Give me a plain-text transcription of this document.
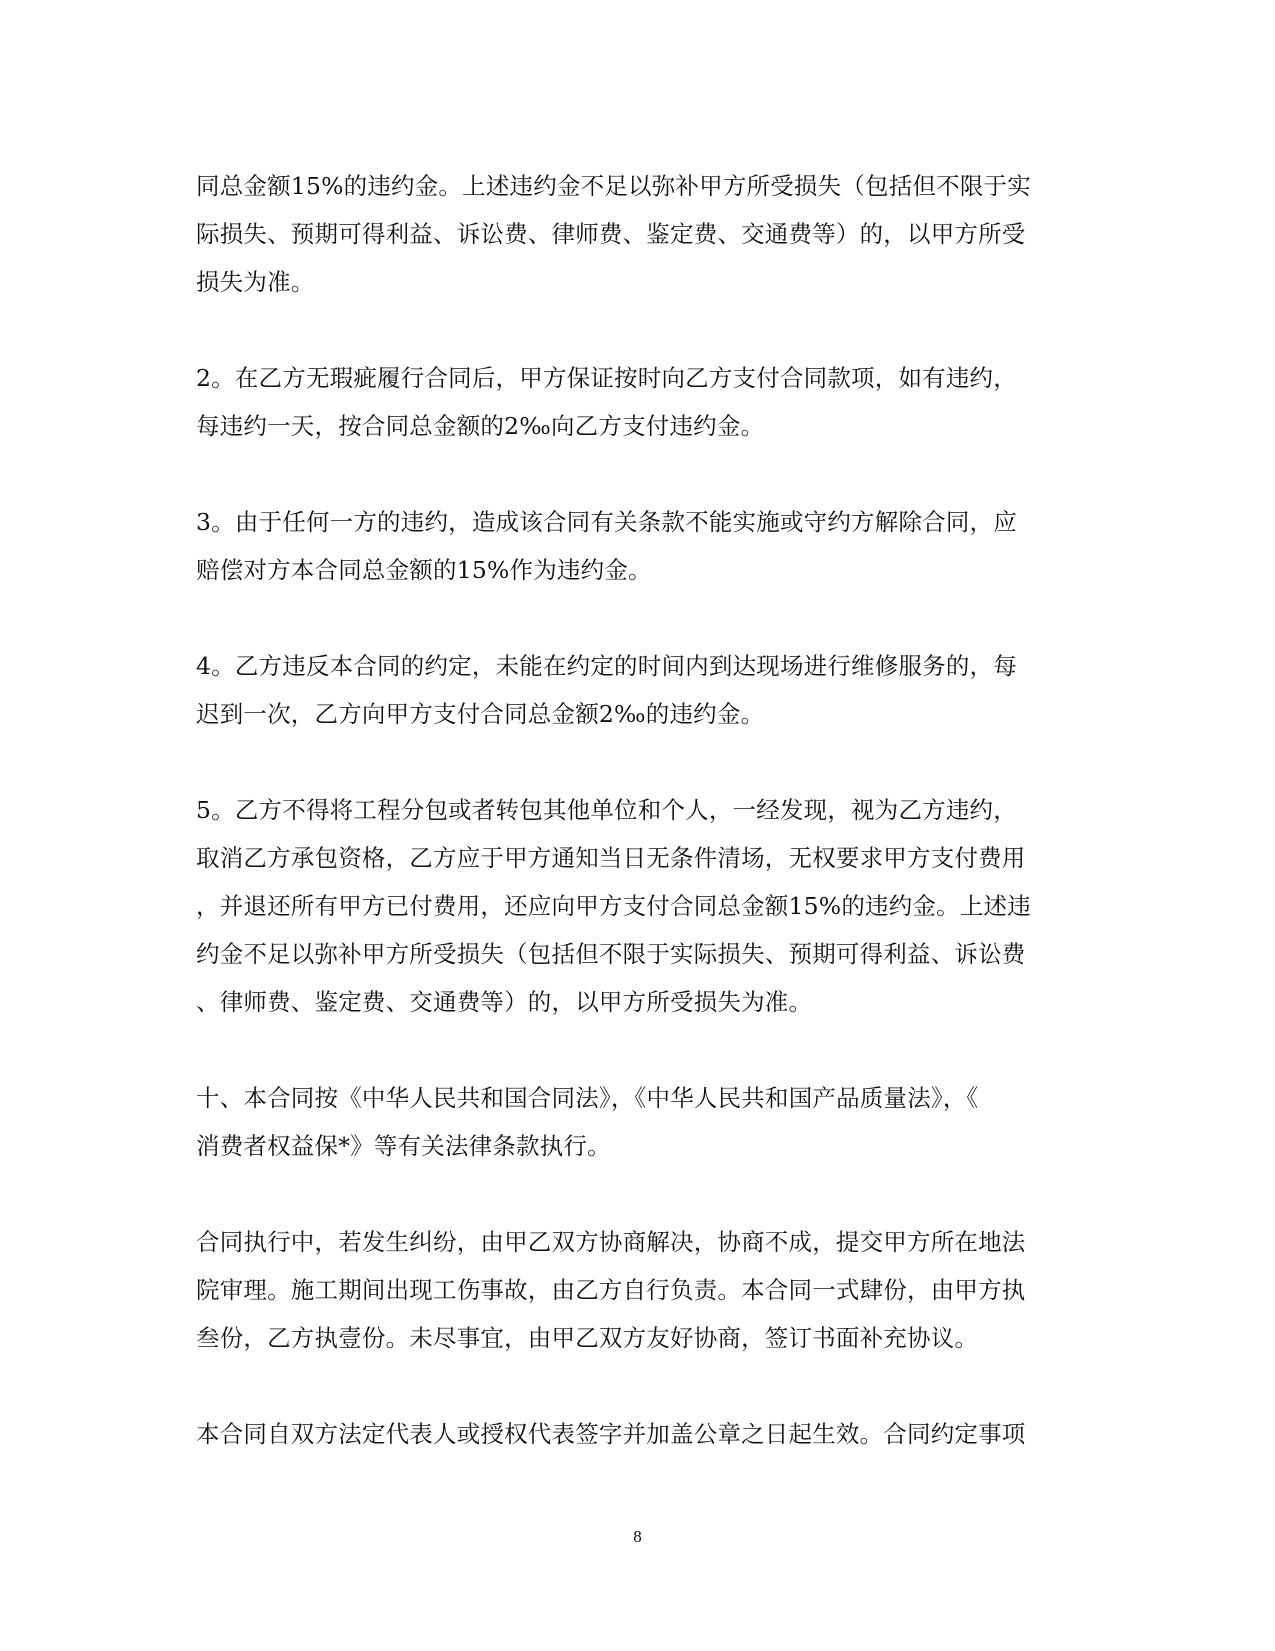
同总金额15%的违约金。上述违约金不足以弥补甲方所受损失（包括但不限于实
际损失、预期可得利益、诉讼费、律师费、鉴定费、交通费等）的，以甲方所受
损失为准。
2。在乙方无瑕疵履行合同后，甲方保证按时向乙方支付合同款项，如有违约，
每违约一天，按合同总金额的2‰向乙方支付违约金。
3。由于任何一方的违约，造成该合同有关条款不能实施或守约方解除合同，应
赔偿对方本合同总金额的15%作为违约金。
4。乙方违反本合同的约定，未能在约定的时间内到达现场进行维修服务的，每
迟到一次，乙方向甲方支付合同总金额2‰的违约金。
5。乙方不得将工程分包或者转包其他单位和个人，一经发现，视为乙方违约，
取消乙方承包资格，乙方应于甲方通知当日无条件清场，无权要求甲方支付费用
，并退还所有甲方已付费用，还应向甲方支付合同总金额15%的违约金。上述违
约金不足以弥补甲方所受损失（包括但不限于实际损失、预期可得利益、诉讼费
、律师费、鉴定费、交通费等）的，以甲方所受损失为准。
十、本合同按《中华人民共和国合同法》，《中华人民共和国产品质量法》，《
消费者权益保*》等有关法律条款执行。
合同执行中，若发生纠纷，由甲乙双方协商解决，协商不成，提交甲方所在地法
院审理。施工期间出现工伤事故，由乙方自行负责。本合同一式肆份，由甲方执
叁份，乙方执壹份。未尽事宜，由甲乙双方友好协商，签订书面补充协议。
本合同自双方法定代表人或授权代表签字并加盖公章之日起生效。合同约定事项
8
